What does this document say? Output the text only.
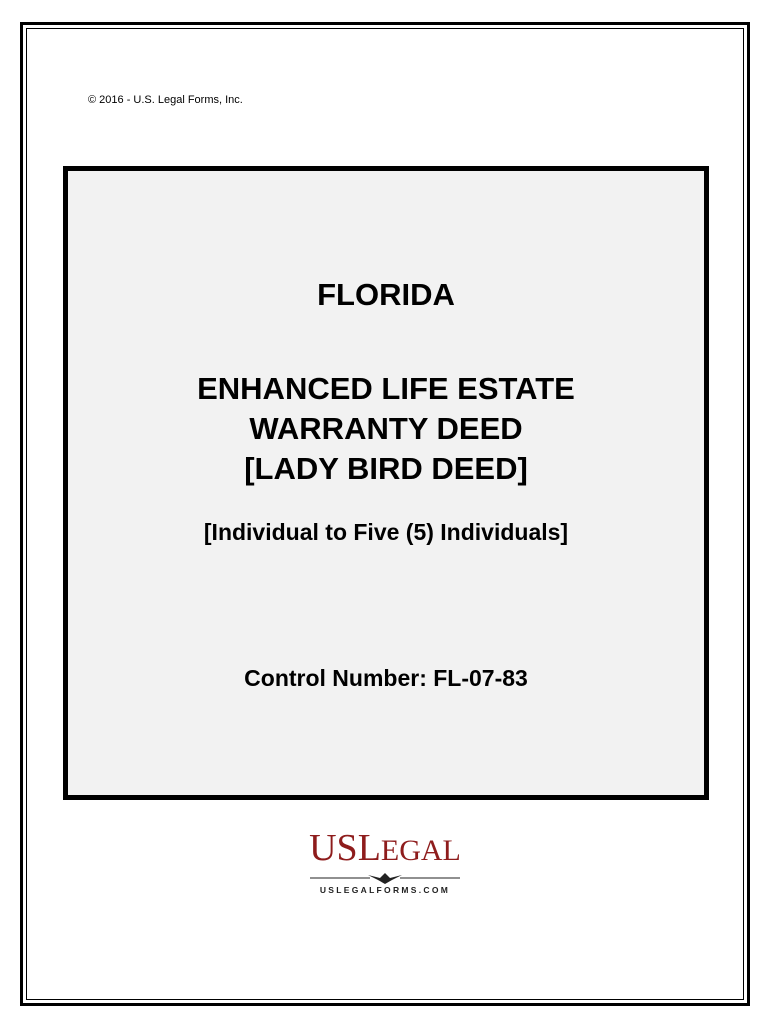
© 2016 - U.S. Legal Forms, Inc.
FLORIDA
ENHANCED LIFE ESTATE
WARRANTY DEED
[LADY BIRD DEED]
[Individual to Five (5) Individuals]
Control Number: FL-07-83
USLEGAL
USLEGALFORMS.COM
